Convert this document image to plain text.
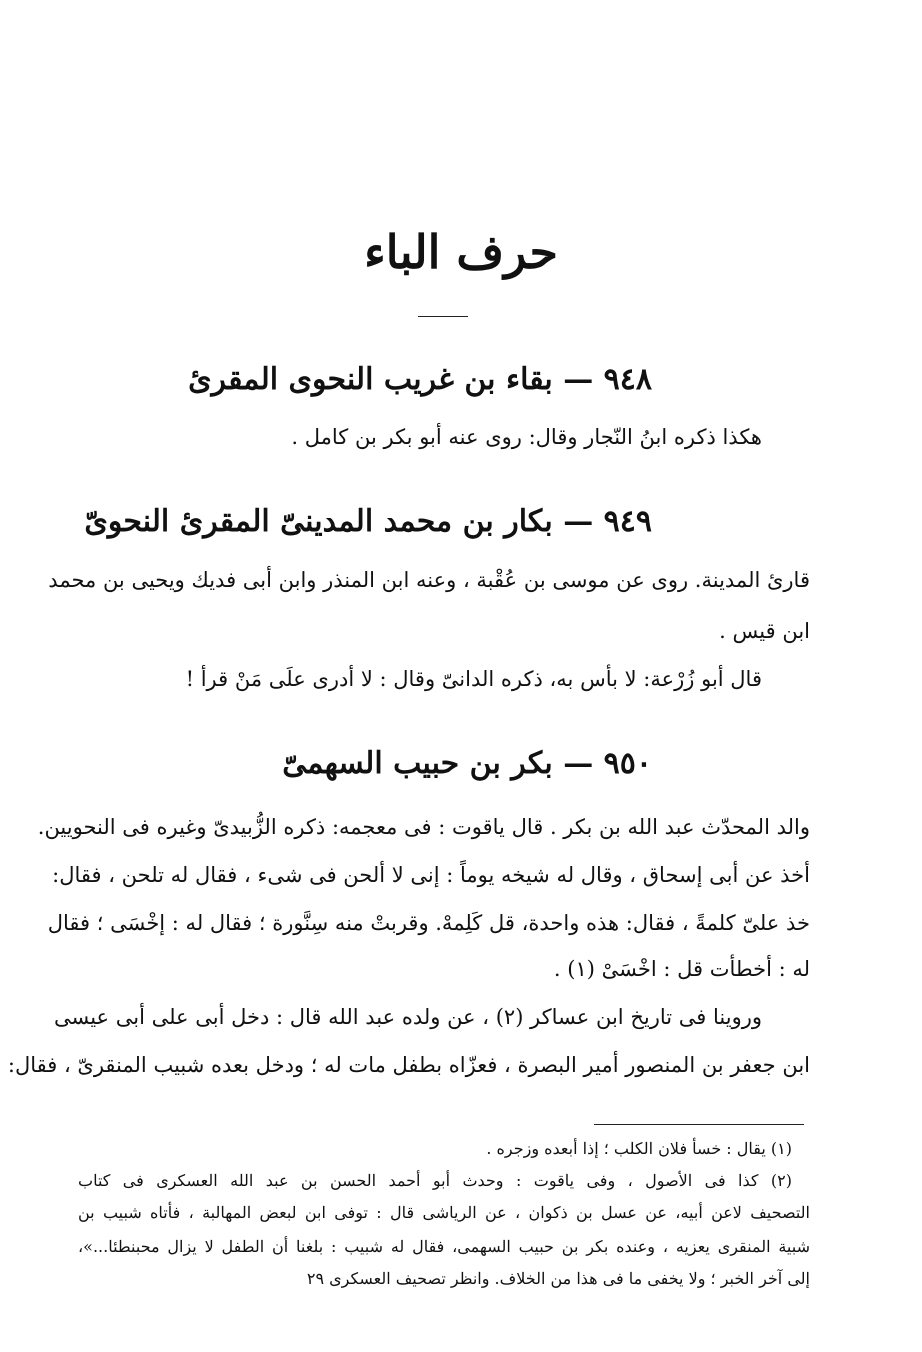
حرف الباء
٩٤٨ — بقاء بن غريب النحوى المقرئ
هكذا ذكره ابنُ النّجار وقال: روى عنه أبو بكر بن كامل .
٩٤٩ — بكار بن محمد المدينىّ المقرئ النحوىّ
قارئ المدينة. روى عن موسى بن عُقْبة ، وعنه ابن المنذر وابن أبى فديك ويحيى بن محمد
ابن قيس .
قال أبو زُرْعة: لا بأس به، ذكره الدانىّ وقال : لا أدرى علَى مَنْ قرأ !
٩٥٠ — بكر بن حبيب السهمىّ
والد المحدّث عبد الله بن بكر . قال ياقوت : فى معجمه: ذكره الزُّبيدىّ وغيره فى النحويين.
أخذ عن أبى إسحاق ، وقال له شيخه يوماً : إنى لا ألحن فى شىء ، فقال له تلحن ، فقال:
خذ علىّ كلمةً ، فقال: هذه واحدة، قل كَلِمهْ. وقربتْ منه سِنَّورة ؛ فقال له : إخْسَى ؛ فقال
له : أخطأت قل : اخْسَىْ (١) .
وروينا فى تاريخ ابن عساكر (٢) ، عن ولده عبد الله قال : دخل أبى على أبى عيسى
ابن جعفر بن المنصور أمير البصرة ، فعزّاه بطفل مات له ؛ ودخل بعده شبيب المنقرىّ ، فقال:
(١) يقال : خسأ فلان الكلب ؛ إذا أبعده وزجره .
(٢) كذا فى الأصول ، وفى ياقوت : وحدث أبو أحمد الحسن بن عبد الله العسكرى فى كتاب
التصحيف لاعن أبيه، عن عسل بن ذكوان ، عن الرياشى قال : توفى ابن لبعض المهالبة ، فأتاه شبيب بن
شبية المنقرى يعزيه ، وعنده بكر بن حبيب السهمى، فقال له شبيب : بلغنا أن الطفل لا يزال محبنطئا...»،
إلى آخر الخبر ؛ ولا يخفى ما فى هذا من الخلاف. وانظر تصحيف العسكرى ٢٩
